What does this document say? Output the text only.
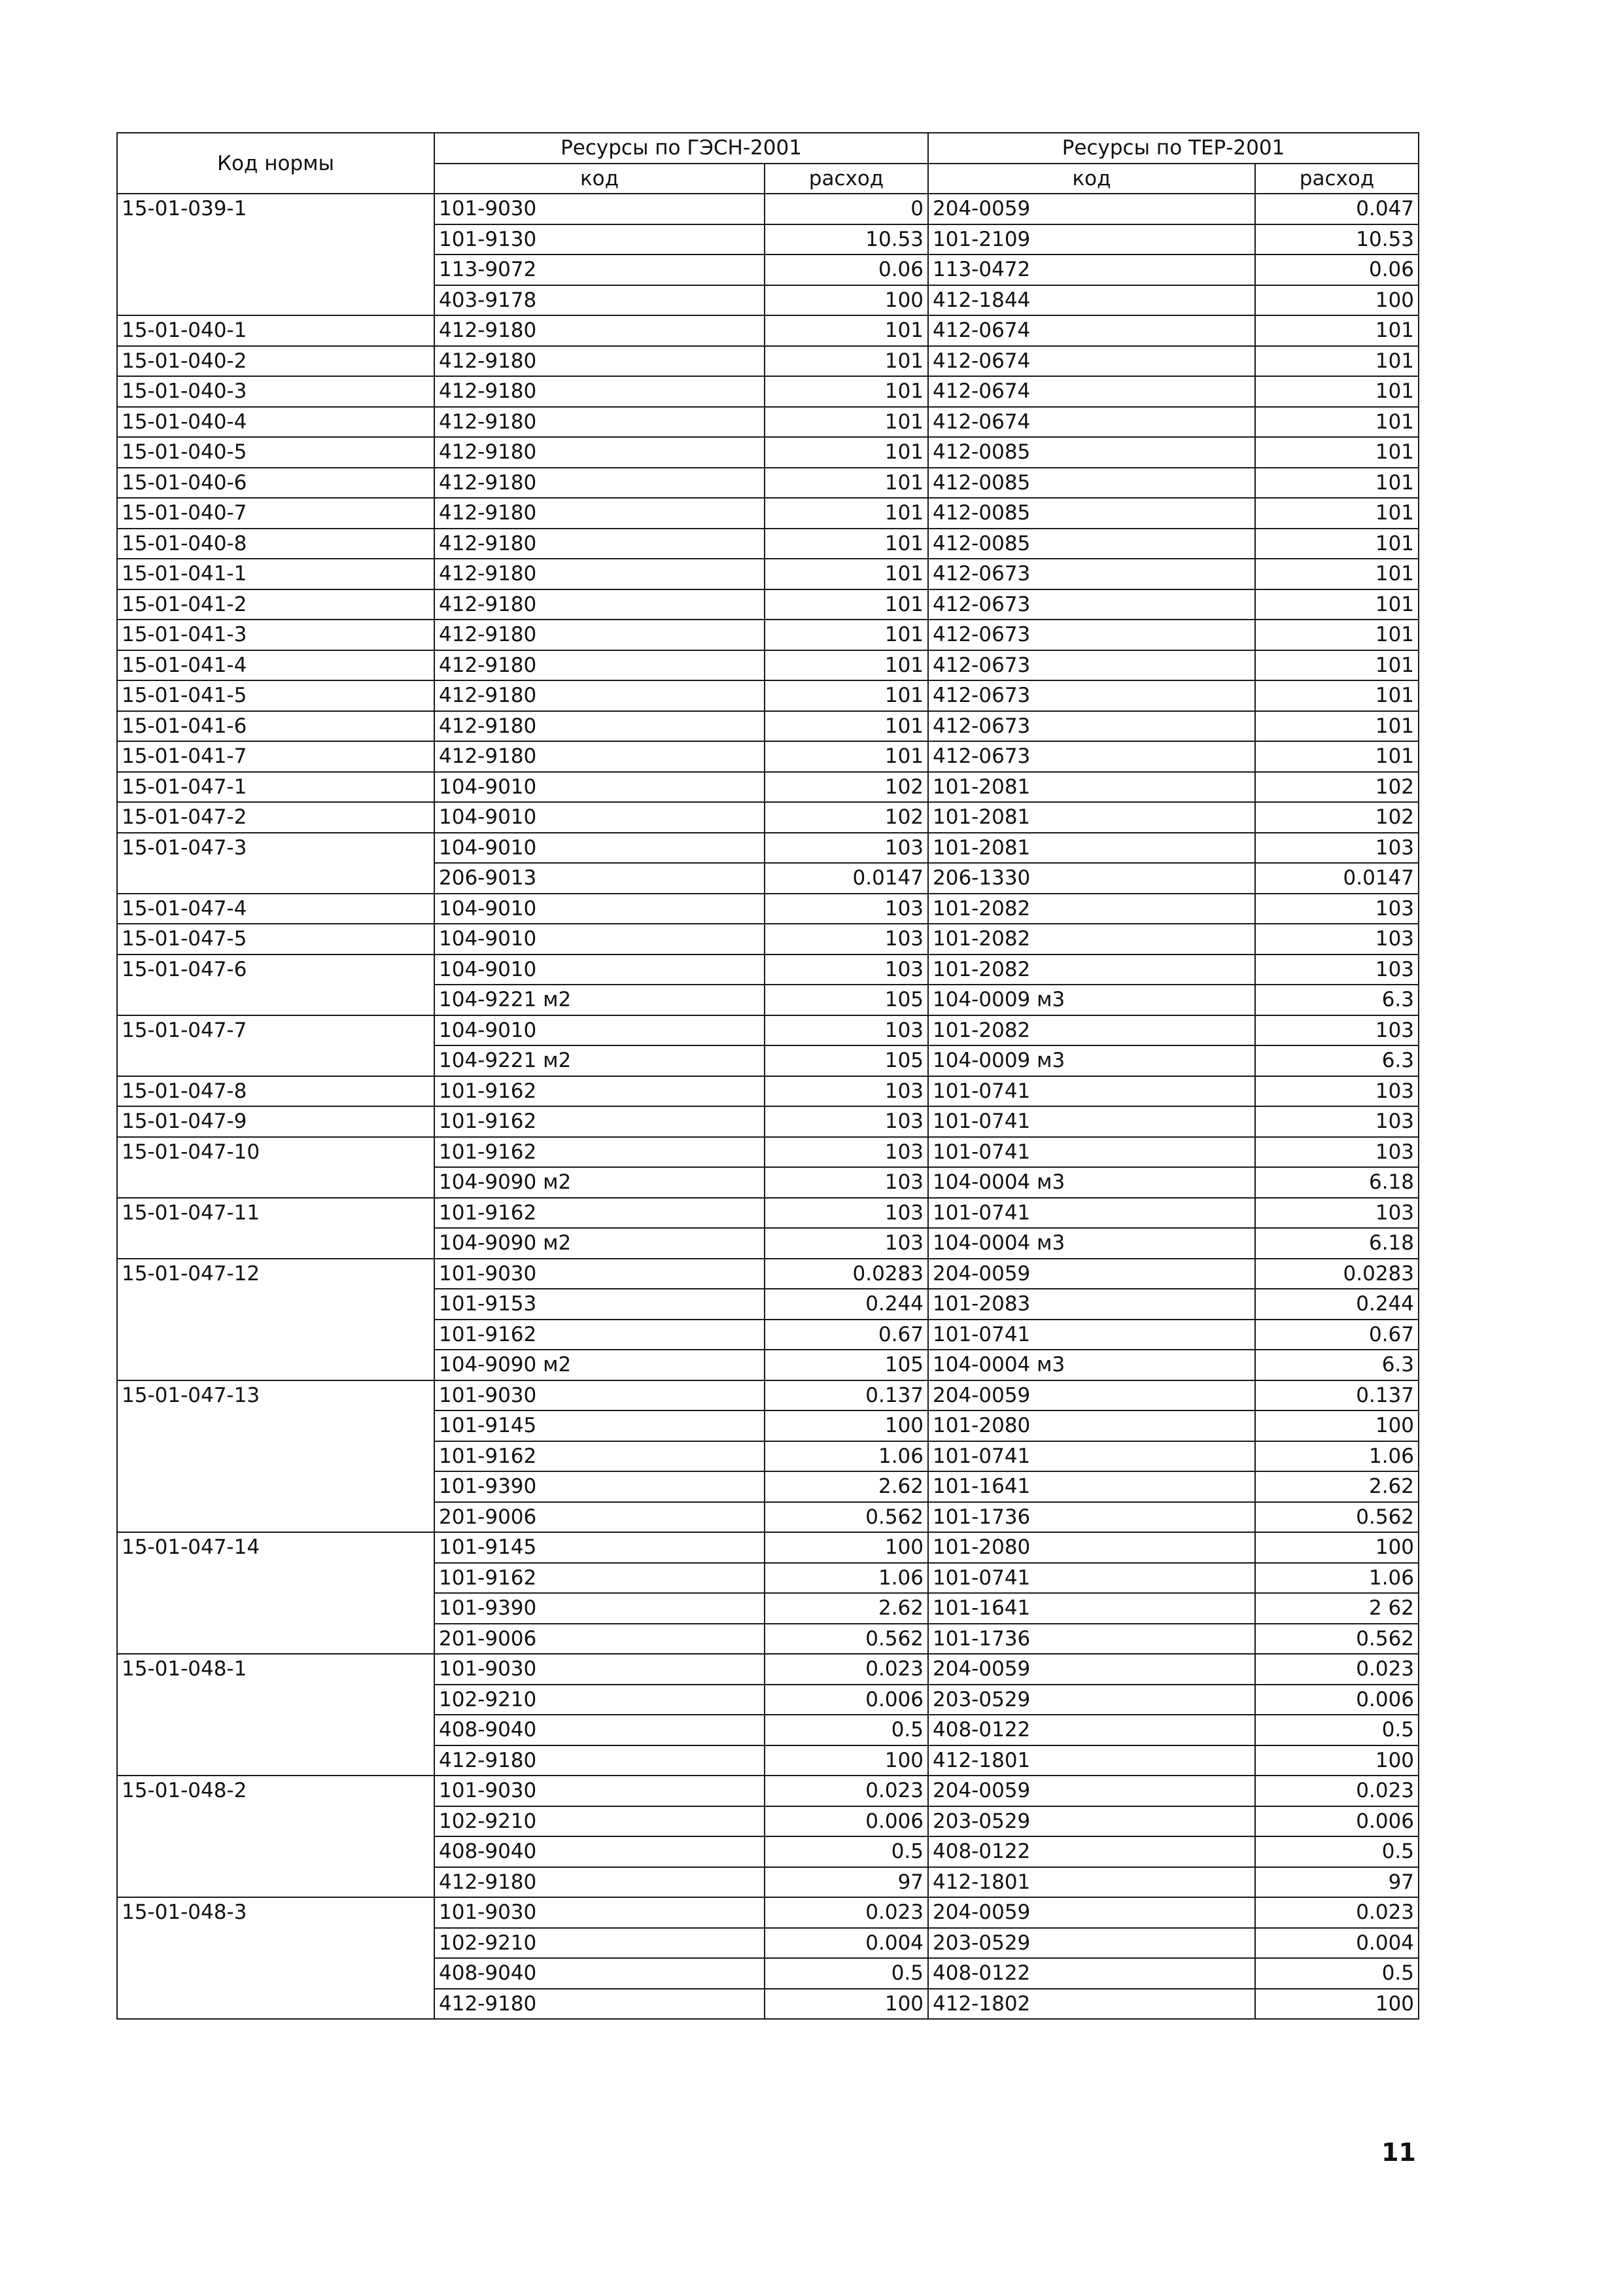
Код нормы	Ресурсы по ГЭСН-2001		Ресурсы по ТЕР-2001	
	код	расход	код	расход
15-01-039-1	101-9030	0	204-0059	0.047
	101-9130	10.53	101-2109	10.53
	113-9072	0.06	113-0472	0.06
	403-9178	100	412-1844	100
15-01-040-1	412-9180	101	412-0674	101
15-01-040-2	412-9180	101	412-0674	101
15-01-040-3	412-9180	101	412-0674	101
15-01-040-4	412-9180	101	412-0674	101
15-01-040-5	412-9180	101	412-0085	101
15-01-040-6	412-9180	101	412-0085	101
15-01-040-7	412-9180	101	412-0085	101
15-01-040-8	412-9180	101	412-0085	101
15-01-041-1	412-9180	101	412-0673	101
15-01-041-2	412-9180	101	412-0673	101
15-01-041-3	412-9180	101	412-0673	101
15-01-041-4	412-9180	101	412-0673	101
15-01-041-5	412-9180	101	412-0673	101
15-01-041-6	412-9180	101	412-0673	101
15-01-041-7	412-9180	101	412-0673	101
15-01-047-1	104-9010	102	101-2081	102
15-01-047-2	104-9010	102	101-2081	102
15-01-047-3	104-9010	103	101-2081	103
	206-9013	0.0147	206-1330	0.0147
15-01-047-4	104-9010	103	101-2082	103
15-01-047-5	104-9010	103	101-2082	103
15-01-047-6	104-9010	103	101-2082	103
	104-9221 м2	105	104-0009 м3	6.3
15-01-047-7	104-9010	103	101-2082	103
	104-9221 м2	105	104-0009 м3	6.3
15-01-047-8	101-9162	103	101-0741	103
15-01-047-9	101-9162	103	101-0741	103
15-01-047-10	101-9162	103	101-0741	103
	104-9090 м2	103	104-0004 м3	6.18
15-01-047-11	101-9162	103	101-0741	103
	104-9090 м2	103	104-0004 м3	6.18
15-01-047-12	101-9030	0.0283	204-0059	0.0283
	101-9153	0.244	101-2083	0.244
	101-9162	0.67	101-0741	0.67
	104-9090 м2	105	104-0004 м3	6.3
15-01-047-13	101-9030	0.137	204-0059	0.137
	101-9145	100	101-2080	100
	101-9162	1.06	101-0741	1.06
	101-9390	2.62	101-1641	2.62
	201-9006	0.562	101-1736	0.562
15-01-047-14	101-9145	100	101-2080	100
	101-9162	1.06	101-0741	1.06
	101-9390	2.62	101-1641	2 62
	201-9006	0.562	101-1736	0.562
15-01-048-1	101-9030	0.023	204-0059	0.023
	102-9210	0.006	203-0529	0.006
	408-9040	0.5	408-0122	0.5
	412-9180	100	412-1801	100
15-01-048-2	101-9030	0.023	204-0059	0.023
	102-9210	0.006	203-0529	0.006
	408-9040	0.5	408-0122	0.5
	412-9180	97	412-1801	97
15-01-048-3	101-9030	0.023	204-0059	0.023
	102-9210	0.004	203-0529	0.004
	408-9040	0.5	408-0122	0.5
	412-9180	100	412-1802	100
11
